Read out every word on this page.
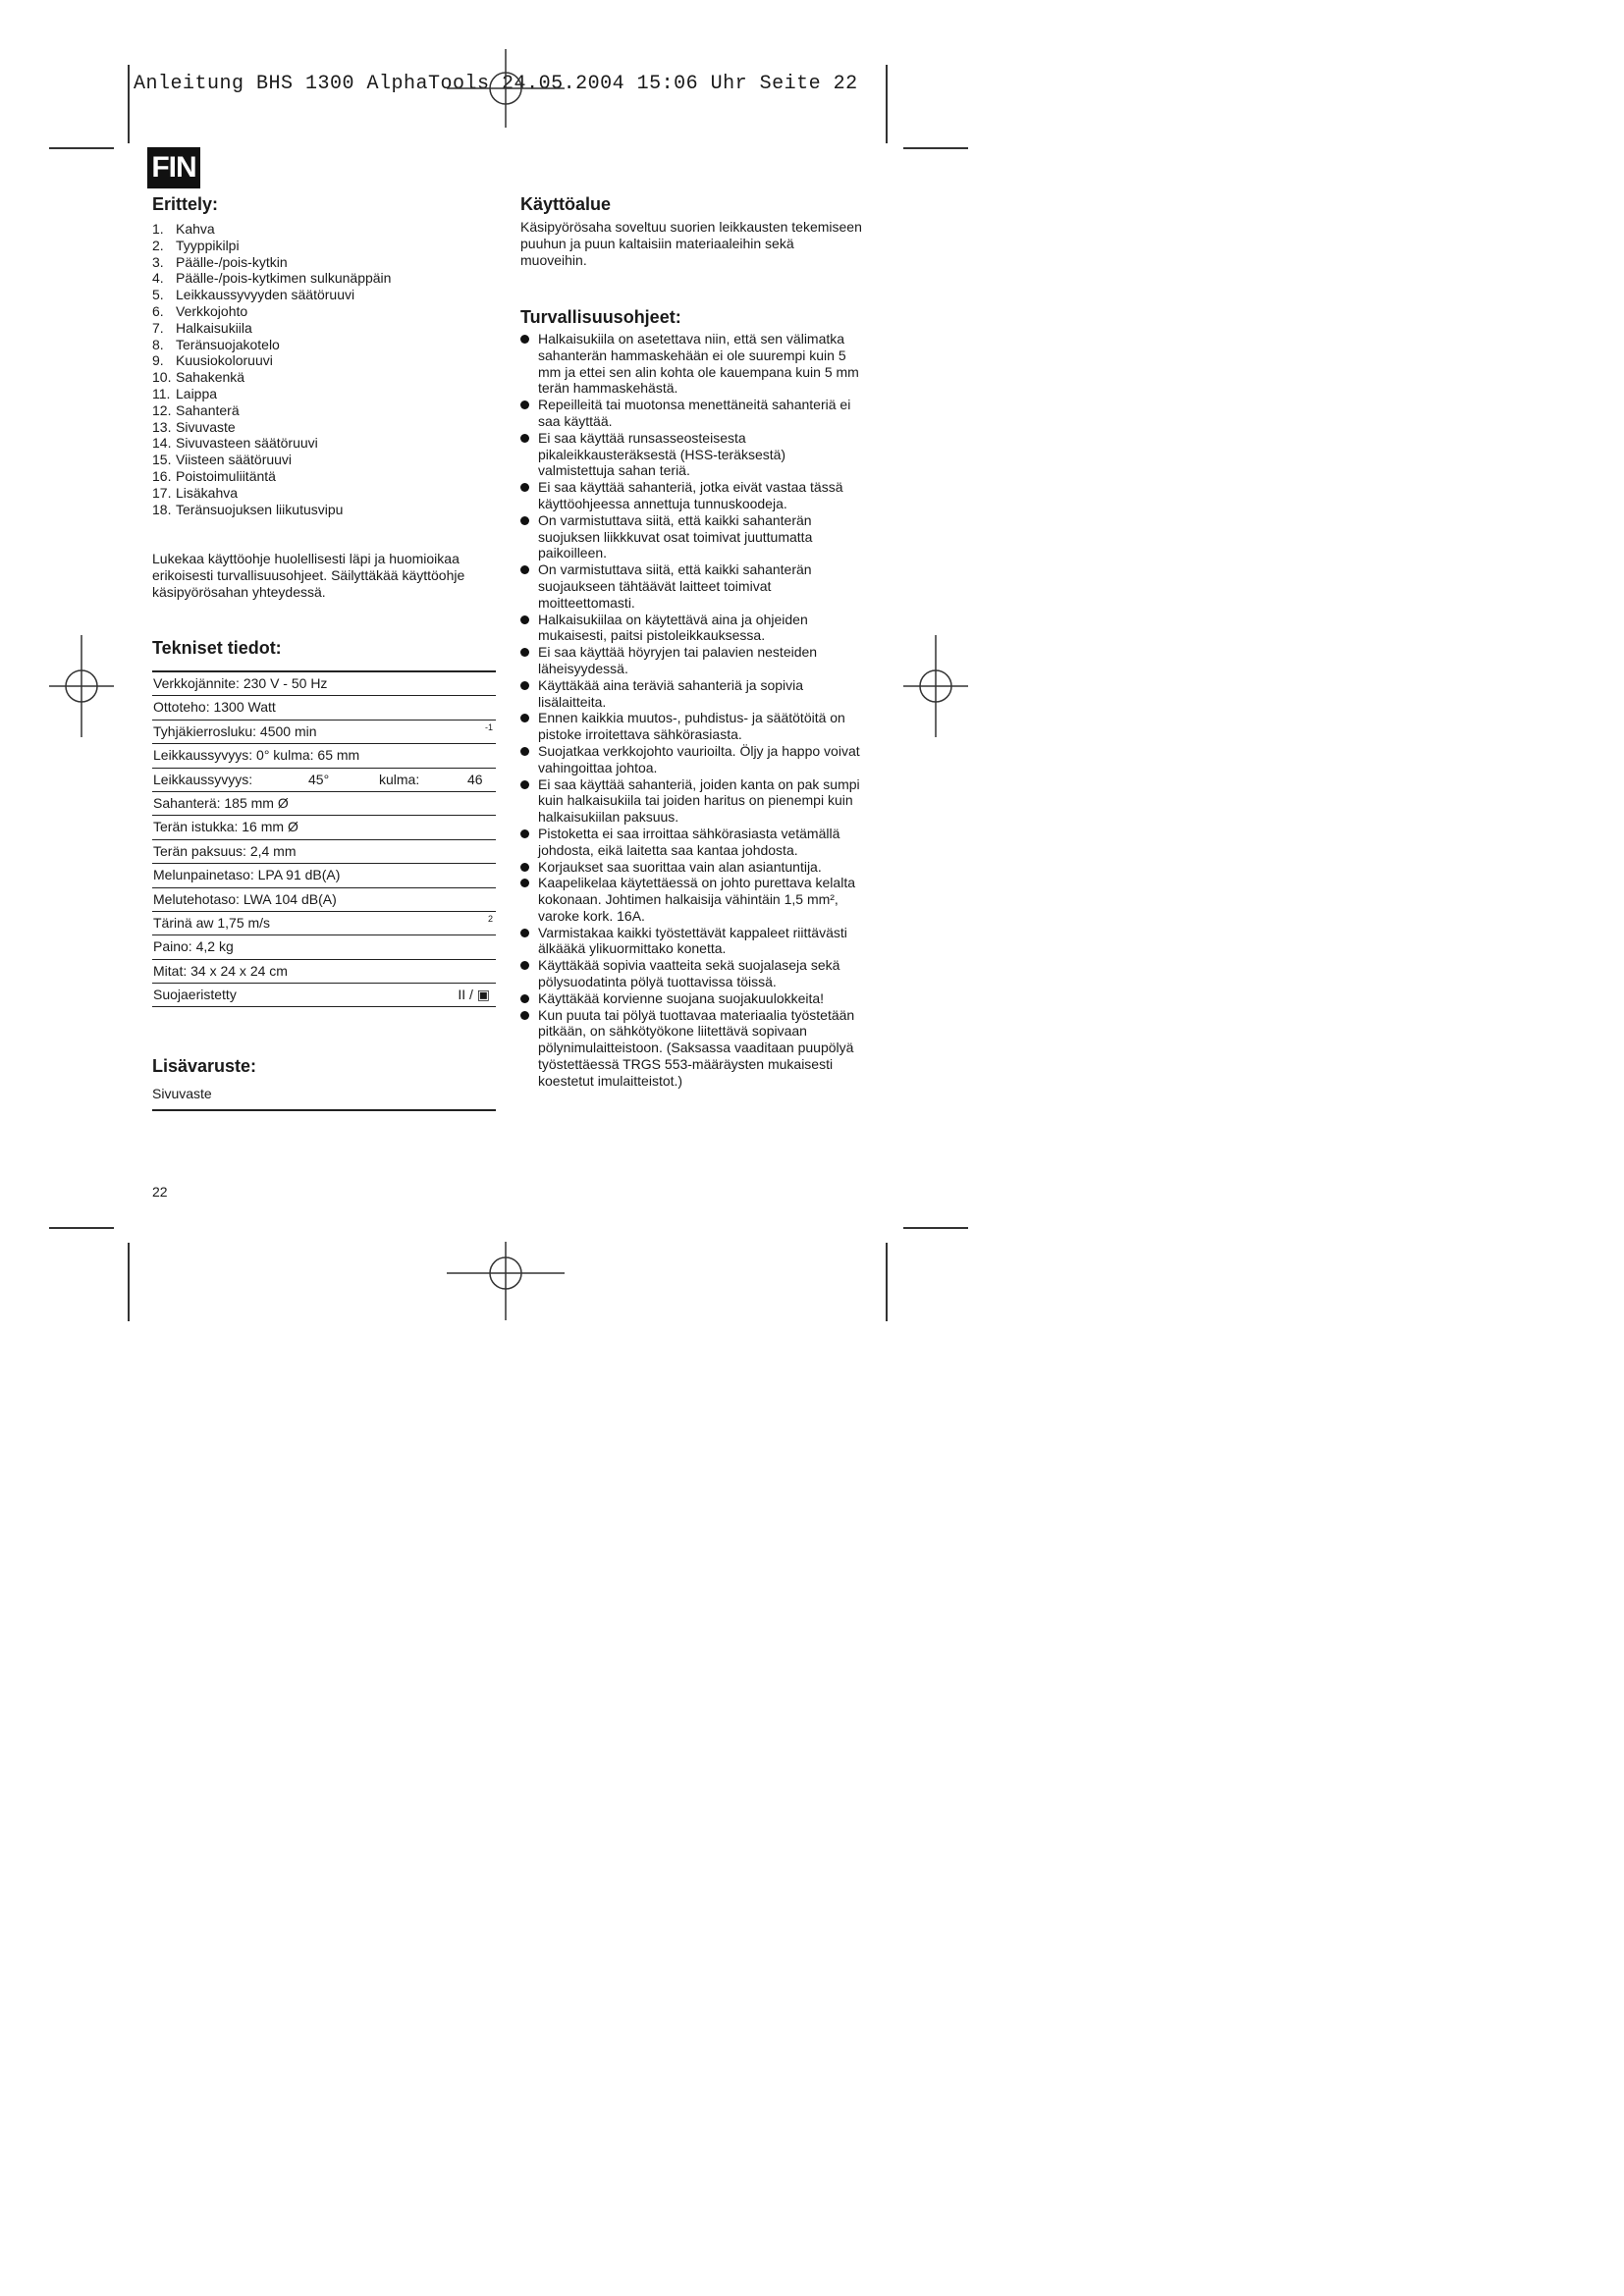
Anleitung BHS 1300 AlphaTools 24.05.2004 15:06 Uhr Seite 22
FIN
Erittely:
1. Kahva
2. Tyyppikilpi
3. Päälle-/pois-kytkin
4. Päälle-/pois-kytkimen sulkunäppäin
5. Leikkaussyvyyden säätöruuvi
6. Verkkojohto
7. Halkaisukiila
8. Teränsuojakotelo
9. Kuusiokoloruuvi
10. Sahakenkä
11. Laippa
12. Sahanterä
13. Sivuvaste
14. Sivuvasteen säätöruuvi
15. Viisteen säätöruuvi
16. Poistoimuliitäntä
17. Lisäkahva
18. Teränsuojuksen liikutusvipu

Lukekaa käyttöohje huolellisesti läpi ja huomioikaa erikoisesti turvallisuusohjeet. Säilyttäkää käyttöohje käsipyörösahan yhteydessä.

Tekniset tiedot:
Verkkojännite: 230 V - 50 Hz
Ottoteho: 1300 Watt
Tyhjäkierrosluku: 4500 min	-1
Leikkaussyvyys: 0° kulma: 65 mm
Leikkaussyvyys:	45°	kulma:	46
Sahanterä: 185 mm Ø
Terän istukka: 16 mm Ø
Terän paksuus: 2,4 mm
Melunpainetaso: LPA 91 dB(A)
Melutehotaso: LWA 104 dB(A)
Tärinä aw 1,75 m/s	2
Paino: 4,2 kg
Mitat: 34 x 24 x 24 cm
Suojaeristetty	II / ▣
Lisävaruste:
Sivuvaste
Käyttöalue

Käsipyörösaha soveltuu suorien leikkausten tekemiseen puuhun ja puun kaltaisiin materiaaleihin sekä muoveihin.

Turvallisuusohjeet:
Halkaisukiila on asetettava niin, että sen välimatka sahanterän hammaskehään ei ole suurempi kuin 5 mm ja ettei sen alin kohta ole kauempana kuin 5 mm terän hammaskehästä.
Repeilleitä tai muotonsa menettäneitä sahanteriä ei saa käyttää.
Ei saa käyttää runsasseosteisesta pikaleikkausteräksestä (HSS-teräksestä) valmistettuja sahan teriä.
Ei saa käyttää sahanteriä, jotka eivät vastaa tässä käyttöohjeessa annettuja tunnuskoodeja.
On varmistuttava siitä, että kaikki sahanterän suojuksen liikkkuvat osat toimivat juuttumatta paikoilleen.
On varmistuttava siitä, että kaikki sahanterän suojaukseen tähtäävät laitteet toimivat moitteettomasti.
Halkaisukiilaa on käytettävä aina ja ohjeiden mukaisesti, paitsi pistoleikkauksessa.
Ei saa käyttää höyryjen tai palavien nesteiden läheisyydessä.
Käyttäkää aina teräviä sahanteriä ja sopivia lisälaitteita.
Ennen kaikkia muutos-, puhdistus- ja säätötöitä on pistoke irroitettava sähkörasiasta.
Suojatkaa verkkojohto vaurioilta. Öljy ja happo voivat vahingoittaa johtoa.
Ei saa käyttää sahanteriä, joiden kanta on pak sumpi kuin halkaisukiila tai joiden haritus on pienempi kuin halkaisukiilan paksuus.
Pistoketta ei saa irroittaa sähkörasiasta vetämällä johdosta, eikä laitetta saa kantaa johdosta.
Korjaukset saa suorittaa vain alan asiantuntija.
Kaapelikelaa käytettäessä on johto purettava kelalta kokonaan. Johtimen halkaisija vähintäin 1,5 mm², varoke kork. 16A.
Varmistakaa kaikki työstettävät kappaleet riittävästi älkääkä ylikuormittako konetta.
Käyttäkää sopivia vaatteita sekä suojalaseja sekä pölysuodatinta pölyä tuottavissa töissä.
Käyttäkää korvienne suojana suojakuulokkeita!
Kun puuta tai pölyä tuottavaa materiaalia työstetään pitkään, on sähkötyökone liitettävä sopivaan pölynimulaitteistoon. (Saksassa vaaditaan puupölyä työstettäessä TRGS 553-määräysten mukaisesti koestetut imulaitteistot.)
22
